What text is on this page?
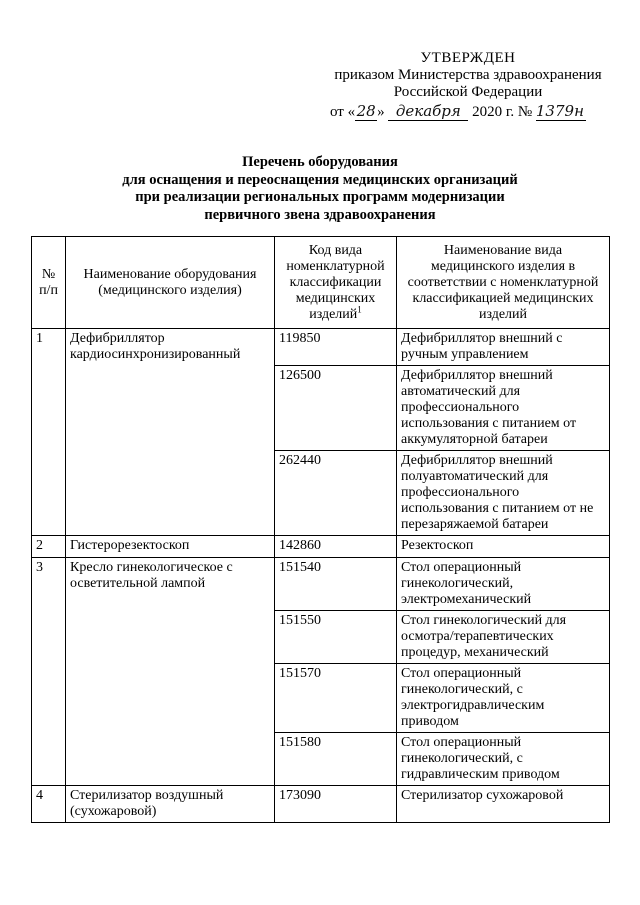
УТВЕРЖДЕН
приказом Министерства здравоохранения
Российской Федерации
от «28» декабря 2020 г. № 1379н
Перечень оборудования
для оснащения и переоснащения медицинских организаций
при реализации региональных программ модернизации
первичного звена здравоохранения
№ п/п	Наименование оборудования (медицинского изделия)	Код вида номенклатурной классификации медицинских изделий$^1$	Наименование вида медицинского изделия в соответствии с номенклатурной классификацией медицинских изделий
1	Дефибриллятор кардиосинхронизированный	119850	Дефибриллятор внешний с ручным управлением
		126500	Дефибриллятор внешний автоматический для профессионального использования с питанием от аккумуляторной батареи
		262440	Дефибриллятор внешний полуавтоматический для профессионального использования с питанием от не перезаряжаемой батареи
2	Гистерорезектоскоп	142860	Резектоскоп
3	Кресло гинекологическое с осветительной лампой	151540	Стол операционный гинекологический, электромеханический
		151550	Стол гинекологический для осмотра/терапевтических процедур, механический
		151570	Стол операционный гинекологический, с электрогидравлическим приводом
		151580	Стол операционный гинекологический, с гидравлическим приводом
4	Стерилизатор воздушный (сухожаровой)	173090	Стерилизатор сухожаровой
